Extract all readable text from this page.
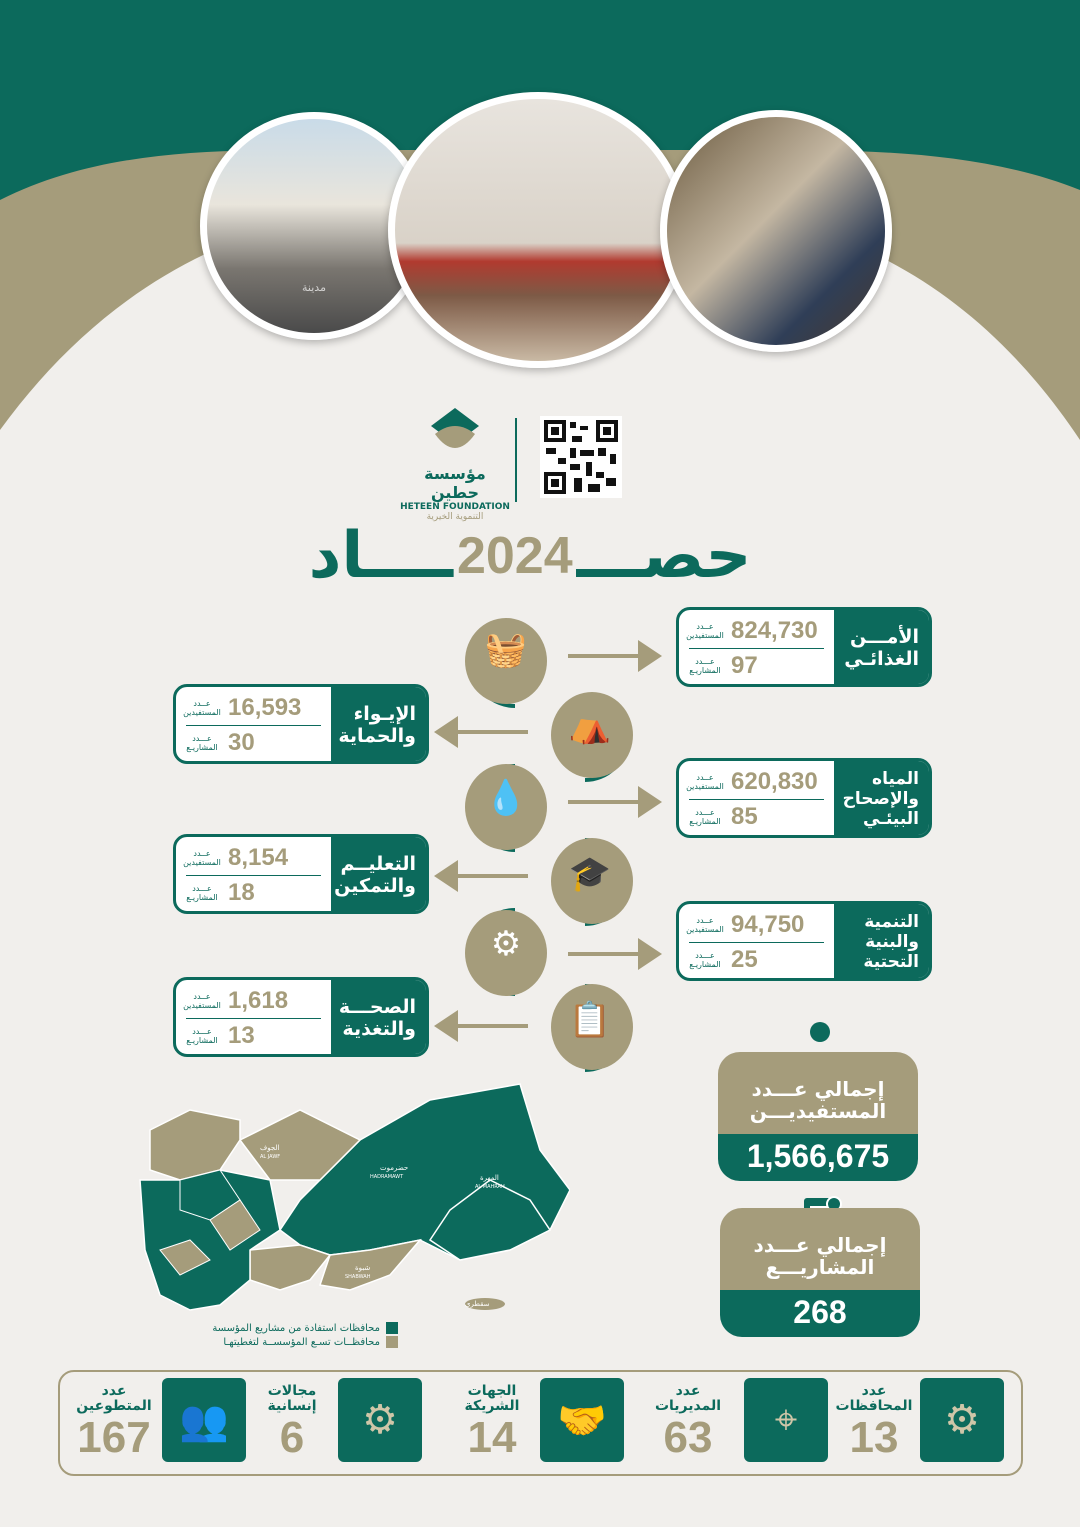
مدينة
مؤسسة حطين
HETEEN FOUNDATION
التنموية الخيرية
ــــاد 2024 حصـــ
🧺
⛺
💧
🎓
⚙
📋
عــدد
المستفيدين 824,730
عـــدد
المشاريـع 97
الأمـــن
الغذائـي
عــدد
المستفيدين 16,593
عـــدد
المشاريـع 30
الإيـواء
والحماية
عــدد
المستفيدين 620,830
عـــدد
المشاريـع 85
المياه
والإصحاح
البيئـي
عــدد
المستفيدين 8,154
عـــدد
المشاريـع 18
التعليــم
والتمكين
عــدد
المستفيدين 94,750
عـــدد
المشاريـع 25
التنمية
والبنية
التحتية
عــدد
المستفيدين 1,618
عـــدد
المشاريـع 13
الصحـــة
والتغذية
إجمالي عـــدد
المستفيديـــن
1,566,675
إجمالي عـــدد
المشاريـــع
268
الجوف
AL JAWF
حضرموت
HADRAMAWT	المهرة
AL MAHRAH
شبوة
SHABWAH
سقطرى
محافظات استفادة من مشاريع المؤسسة
محافظــات تسـع المؤسســة لتغطيتهـا
عدد
المحافظات
13	⚙
عدد
المديريات
63	⌖
الجهات
الشريكة
14	🤝
مجالات
إنسانية
6	⚙
عدد
المتطوعين
167 👥
